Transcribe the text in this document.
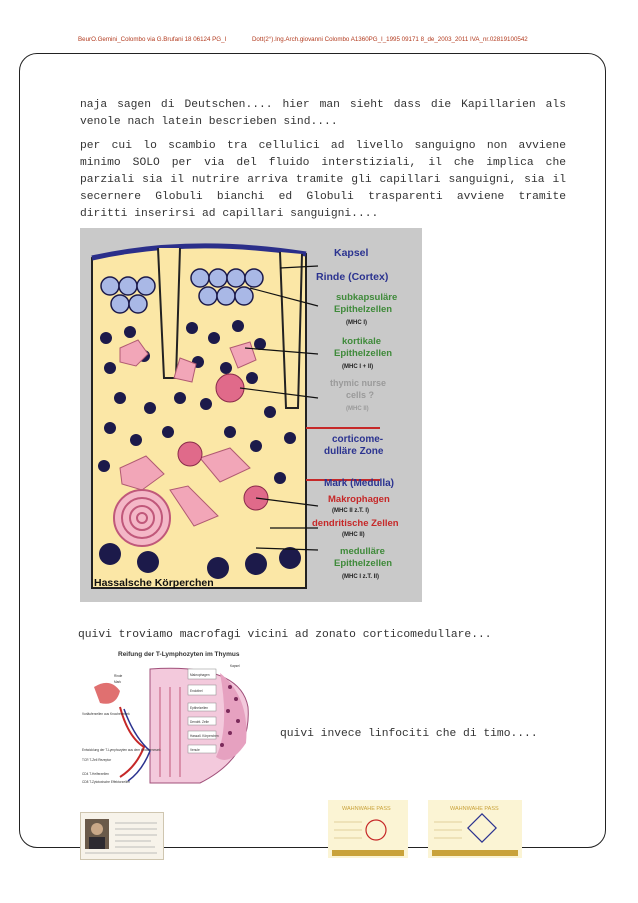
BeurO.Gemini_Colombo via G.Brufani 18 06124 PG_I	Dott(2°).Ing.Arch.giovanni Colombo A1360PG_I_1995 09171 8_de_2003_2011 IVA_nr.02819100542
naja sagen di Deutschen.... hier man sieht dass die Kapillarien als venole nach latein bescrieben sind....
per cui lo scambio tra cellulici ad livello sanguigno non avviene minimo SOLO per via del fluido interstiziali, il che implica che parziali sia il nutrire arriva tramite gli capillari sanguigni, sia il secernere Globuli bianchi ed Globuli trasparenti avviene tramite diritti inserirsi ad capillari sanguigni....
Kapsel
Rinde (Cortex)
subkapsuläre
Epithelzellen
(MHC I)
kortikale
Epithelzellen
(MHC I + II)
thymic nurse
cells ?
(MHC II)
corticome-
dulläre Zone
Mark (Medulla)
Makrophagen
(MHC II z.T. I)
dendritische Zellen
(MHC II)
medulläre
Epithelzellen
(MHC I z.T. II)
Hassalsche Körperchen
quivi troviamo macrofagi vicini ad zonato corticomedullare...
Reifung der T-Lymphozyten im Thymus
Rinde
Mark
Kapsel
Makrophagen
Endothel
Epithelzellen
Dendrit. Zelle
Hassall. Körperchen
Venule
Vorläuferzellen aus Knochenmark
Entwicklung der T-Lymphozyten aus dem Knochenmark
TCR T-Zell Rezeptor
CD4 T-Helferzellen
CD8 T-Zytotoxische Effektorzellen
quivi invece linfociti che di timo....
WAHNWAHE PASS	WAHNWAHE PASS
